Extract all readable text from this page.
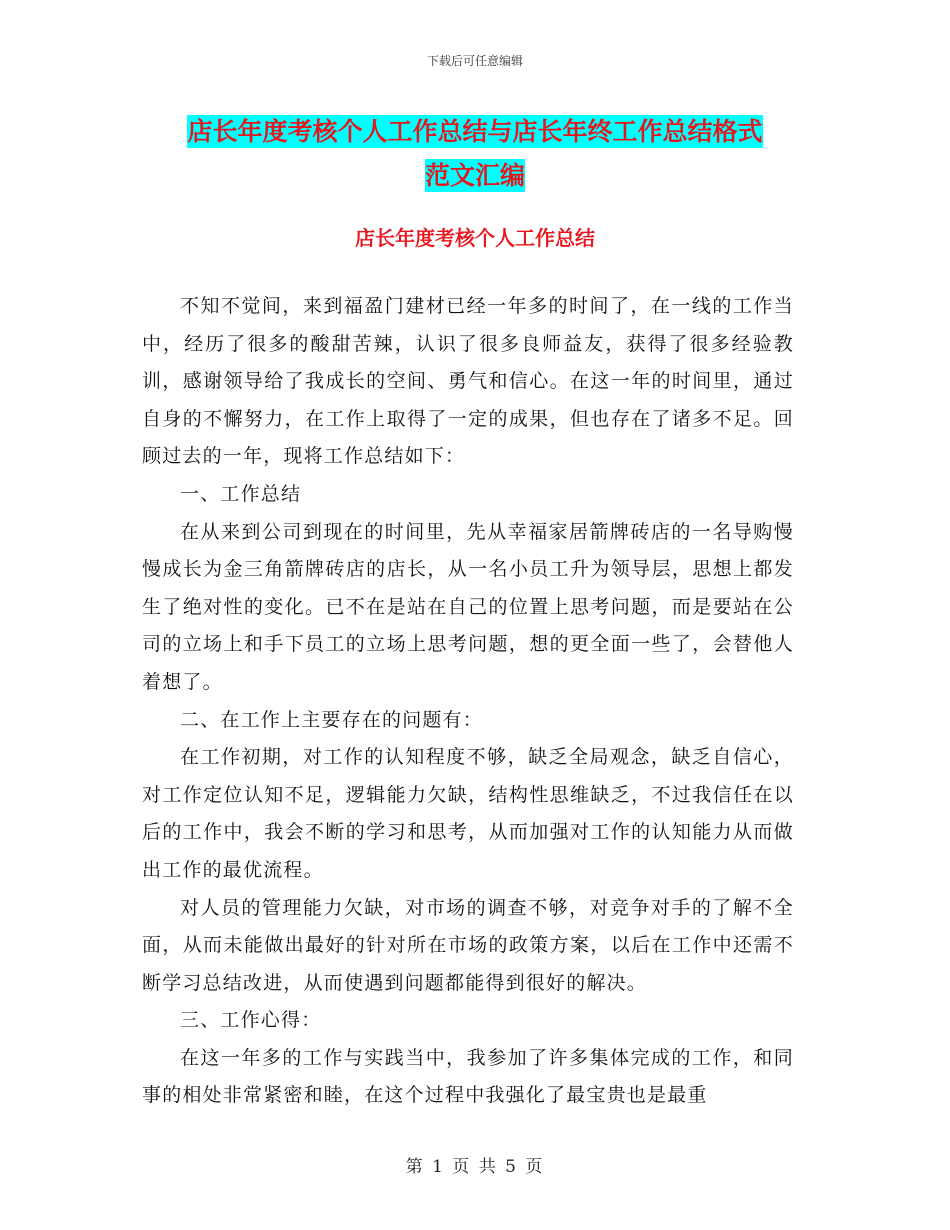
下载后可任意编辑
店长年度考核个人工作总结与店长年终工作总结格式
范文汇编
店长年度考核个人工作总结

不知不觉间，来到福盈门建材已经一年多的时间了，在一线的工作当中，经历了很多的酸甜苦辣，认识了很多良师益友，获得了很多经验教训，感谢领导给了我成长的空间、勇气和信心。在这一年的时间里，通过自身的不懈努力，在工作上取得了一定的成果，但也存在了诸多不足。回顾过去的一年，现将工作总结如下：

一、工作总结

在从来到公司到现在的时间里，先从幸福家居箭牌砖店的一名导购慢慢成长为金三角箭牌砖店的店长，从一名小员工升为领导层，思想上都发生了绝对性的变化。已不在是站在自己的位置上思考问题，而是要站在公司的立场上和手下员工的立场上思考问题，想的更全面一些了，会替他人着想了。

二、在工作上主要存在的问题有：

在工作初期，对工作的认知程度不够，缺乏全局观念，缺乏自信心，对工作定位认知不足，逻辑能力欠缺，结构性思维缺乏，不过我信任在以后的工作中，我会不断的学习和思考，从而加强对工作的认知能力从而做出工作的最优流程。

对人员的管理能力欠缺，对市场的调查不够，对竞争对手的了解不全面，从而未能做出最好的针对所在市场的政策方案，以后在工作中还需不断学习总结改进，从而使遇到问题都能得到很好的解决。

三、工作心得：

在这一年多的工作与实践当中，我参加了许多集体完成的工作，和同事的相处非常紧密和睦，在这个过程中我强化了最宝贵也是最重

第 1 页 共 5 页
